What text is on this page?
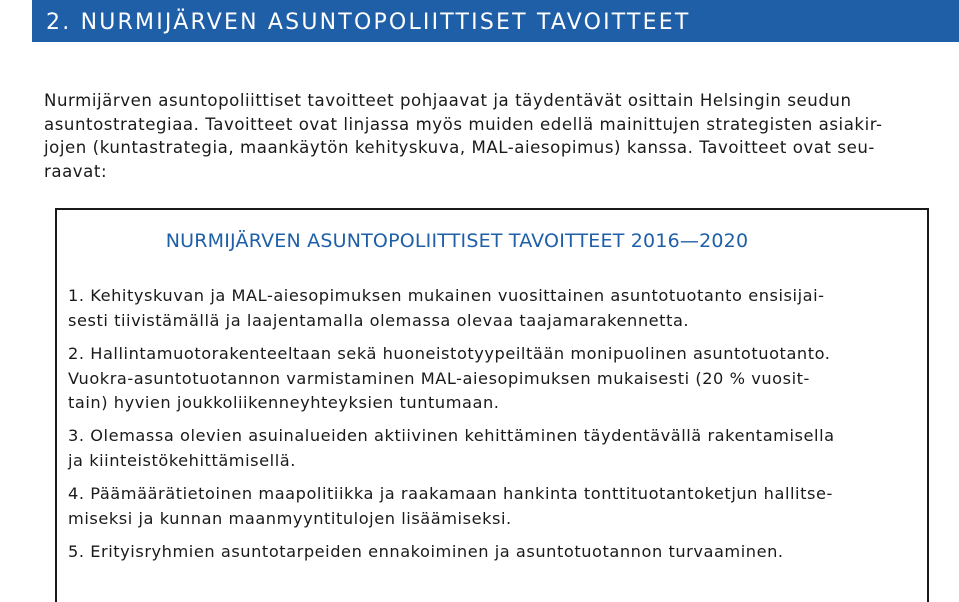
2. NURMIJÄRVEN ASUNTOPOLIITTISET TAVOITTEET

Nurmijärven asuntopoliittiset tavoitteet pohjaavat ja täydentävät osittain Helsingin seudun
asuntostrategiaa. Tavoitteet ovat linjassa myös muiden edellä mainittujen strategisten asiakir-
jojen (kuntastrategia, maankäytön kehityskuva, MAL-aiesopimus) kanssa. Tavoitteet ovat seu-
raavat:

NURMIJÄRVEN ASUNTOPOLIITTISET TAVOITTEET 2016—2020
1. Kehityskuvan ja MAL-aiesopimuksen mukainen vuosittainen asuntotuotanto ensisijai-
sesti tiivistämällä ja laajentamalla olemassa olevaa taajamarakennetta.
2. Hallintamuotorakenteeltaan sekä huoneistotyypeiltään monipuolinen asuntotuotanto.
Vuokra-asuntotuotannon varmistaminen MAL-aiesopimuksen mukaisesti (20 % vuosit-
tain) hyvien joukkoliikenneyhteyksien tuntumaan.
3. Olemassa olevien asuinalueiden aktiivinen kehittäminen täydentävällä rakentamisella
ja kiinteistökehittämisellä.
4. Päämäärätietoinen maapolitiikka ja raakamaan hankinta tonttituotantoketjun hallitse-
miseksi ja kunnan maanmyyntitulojen lisäämiseksi.
5. Erityisryhmien asuntotarpeiden ennakoiminen ja asuntotuotannon turvaaminen.
